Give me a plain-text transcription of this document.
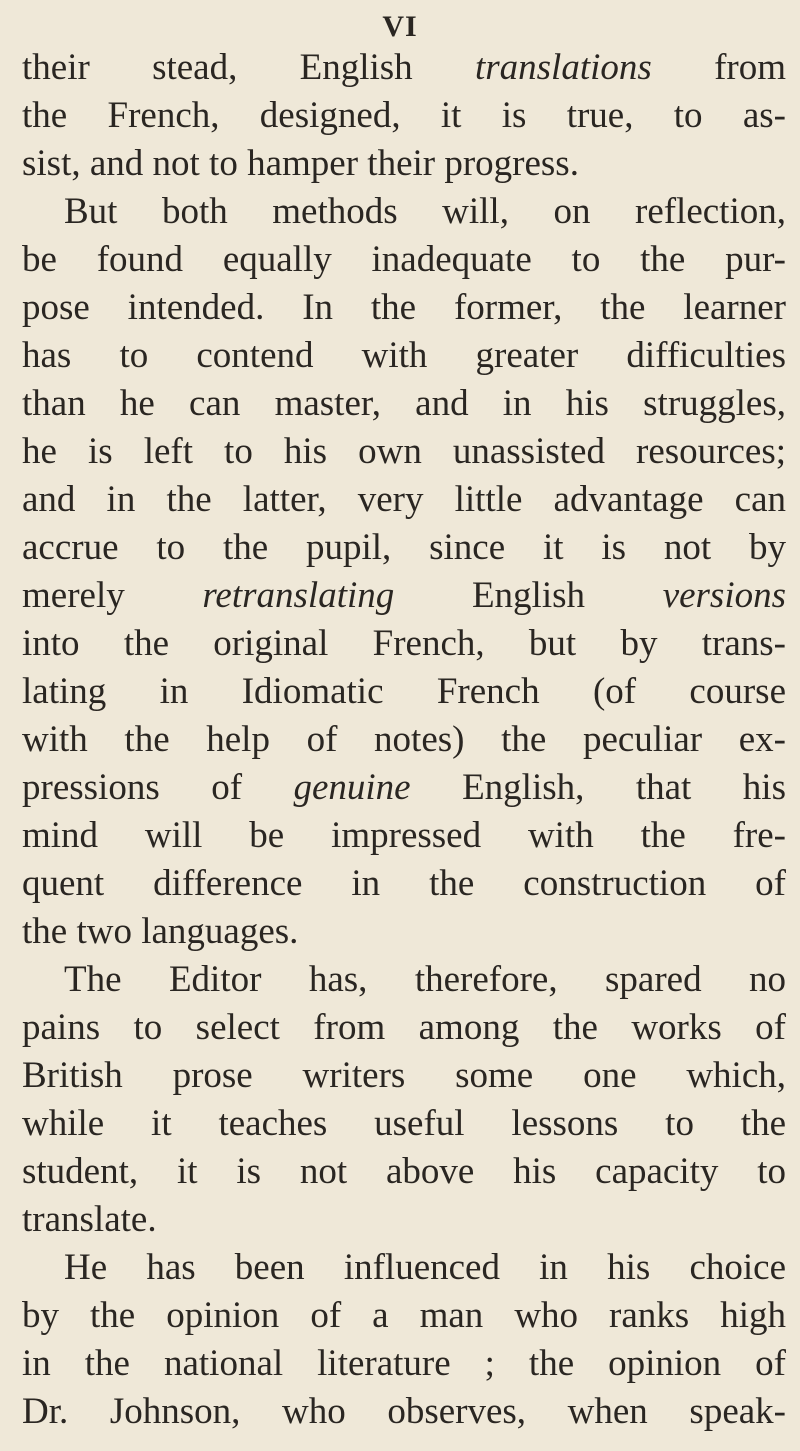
VI
their stead, English translations from
the French, designed, it is true, to as-
sist, and not to hamper their progress.
But both methods will, on reflection,
be found equally inadequate to the pur-
pose intended. In the former, the learner
has to contend with greater difficulties
than he can master, and in his struggles,
he is left to his own unassisted resources;
and in the latter, very little advantage can
accrue to the pupil, since it is not by
merely retranslating English versions
into the original French, but by trans-
lating in Idiomatic French (of course
with the help of notes) the peculiar ex-
pressions of genuine English, that his
mind will be impressed with the fre-
quent difference in the construction of
the two languages.
The Editor has, therefore, spared no
pains to select from among the works of
British prose writers some one which,
while it teaches useful lessons to the
student, it is not above his capacity to
translate.
He has been influenced in his choice
by the opinion of a man who ranks high
in the national literature ; the opinion of
Dr. Johnson, who observes, when speak-
